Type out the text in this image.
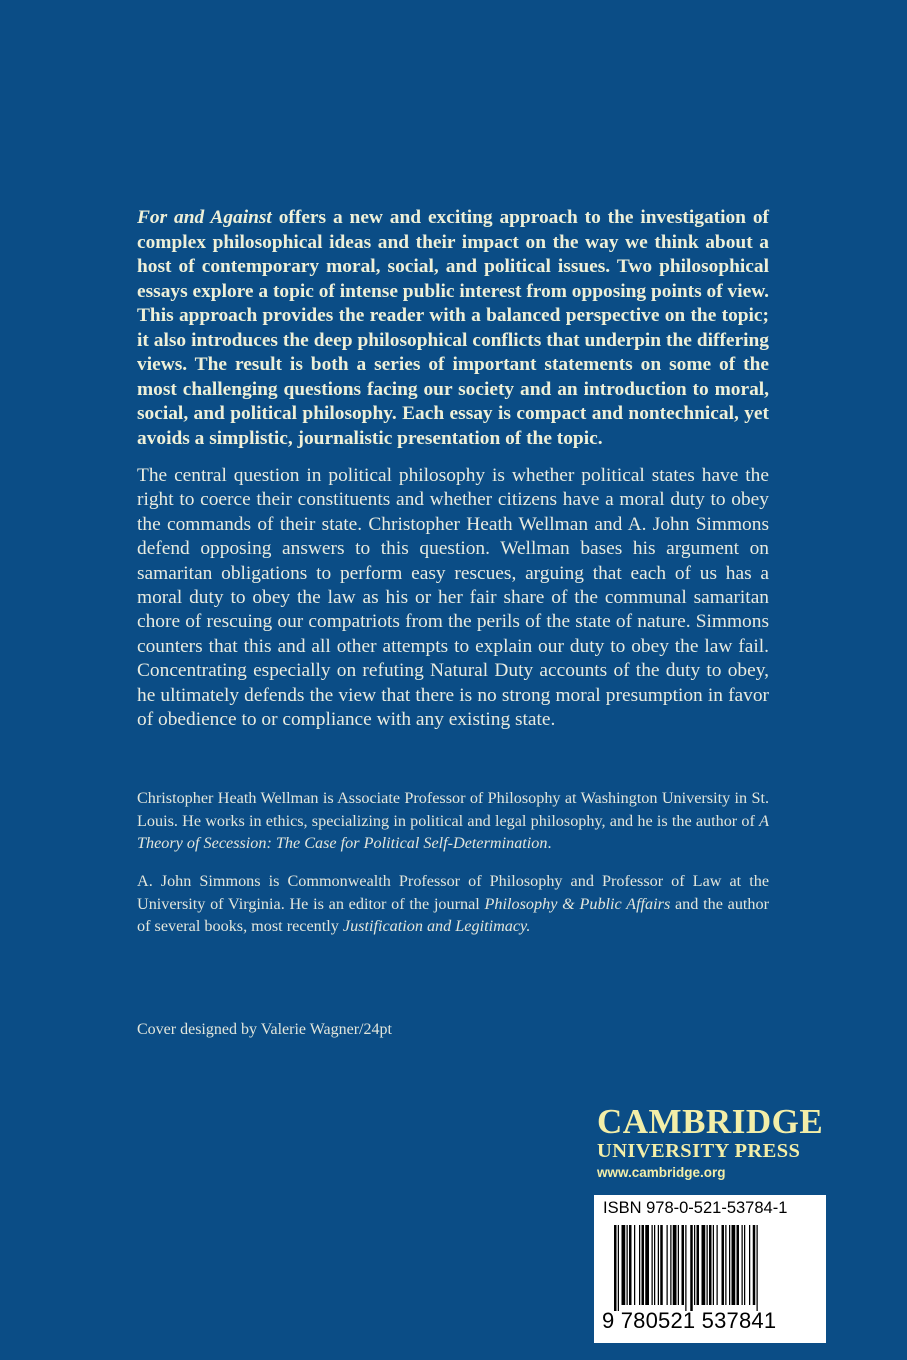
For and Against offers a new and exciting approach to the investigation of complex philosophical ideas and their impact on the way we think about a host of contemporary moral, social, and political issues. Two philosophical essays explore a topic of intense public interest from opposing points of view. This approach provides the reader with a balanced perspective on the topic; it also introduces the deep philosophical conflicts that underpin the differing views. The result is both a series of important statements on some of the most challenging questions facing our society and an introduction to moral, social, and political philosophy. Each essay is compact and nontechnical, yet avoids a simplistic, journalistic presentation of the topic.

The central question in political philosophy is whether political states have the right to coerce their constituents and whether citizens have a moral duty to obey the commands of their state. Christopher Heath Wellman and A. John Simmons defend opposing answers to this question. Wellman bases his argument on samaritan obligations to perform easy rescues, arguing that each of us has a moral duty to obey the law as his or her fair share of the communal samaritan chore of rescuing our compatriots from the perils of the state of nature. Simmons counters that this and all other attempts to explain our duty to obey the law fail. Concentrating especially on refuting Natural Duty accounts of the duty to obey, he ultimately defends the view that there is no strong moral presumption in favor of obedience to or compliance with any existing state.

Christopher Heath Wellman is Associate Professor of Philosophy at Washington University in St. Louis. He works in ethics, specializing in political and legal philosophy, and he is the author of A Theory of Secession: The Case for Political Self-Determination.

A. John Simmons is Commonwealth Professor of Philosophy and Professor of Law at the University of Virginia. He is an editor of the journal Philosophy & Public Affairs and the author of several books, most recently Justification and Legitimacy.

Cover designed by Valerie Wagner/24pt

CAMBRIDGE

UNIVERSITY PRESS

www.cambridge.org

ISBN 978-0-521-53784-1

9 780521 537841
